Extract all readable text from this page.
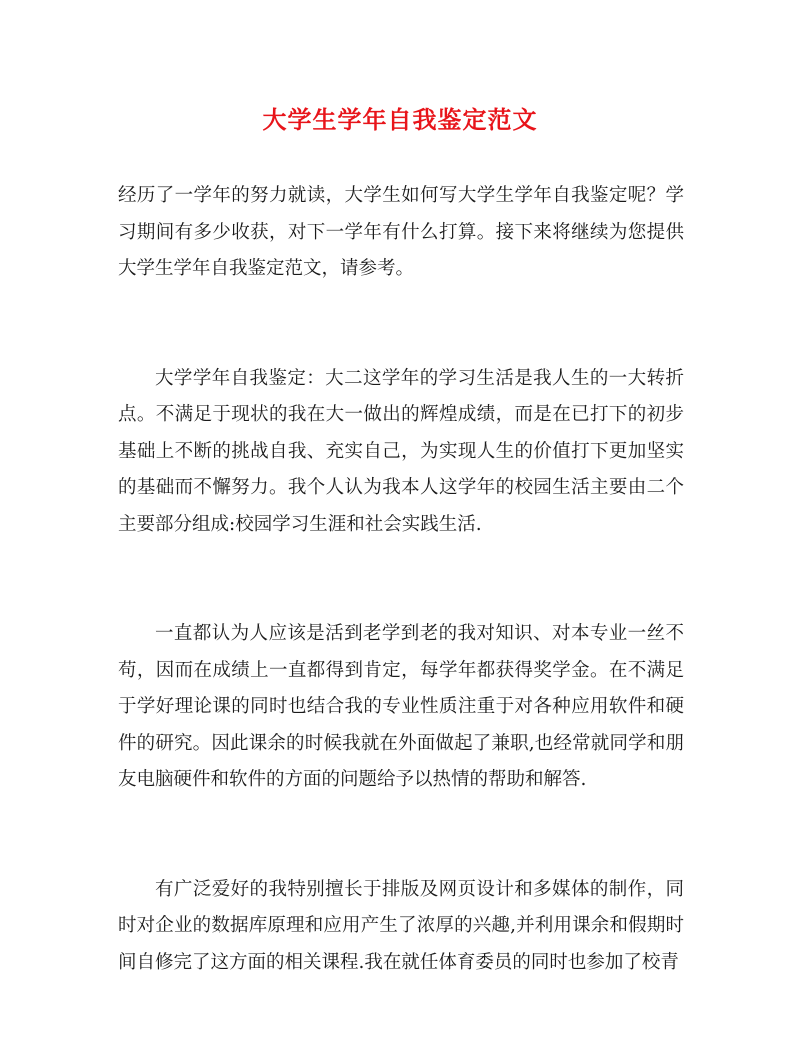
大学生学年自我鉴定范文

经历了一学年的努力就读，大学生如何写大学生学年自我鉴定呢？学习期间有多少收获，对下一学年有什么打算。接下来将继续为您提供大学生学年自我鉴定范文，请参考。

大学学年自我鉴定：大二这学年的学习生活是我人生的一大转折点。不满足于现状的我在大一做出的辉煌成绩，而是在已打下的初步基础上不断的挑战自我、充实自己，为实现人生的价值打下更加坚实的基础而不懈努力。我个人认为我本人这学年的校园生活主要由二个主要部分组成:校园学习生涯和社会实践生活.

一直都认为人应该是活到老学到老的我对知识、对本专业一丝不苟，因而在成绩上一直都得到肯定，每学年都获得奖学金。在不满足于学好理论课的同时也结合我的专业性质注重于对各种应用软件和硬件的研究。因此课余的时候我就在外面做起了兼职,也经常就同学和朋友电脑硬件和软件的方面的问题给予以热情的帮助和解答.

有广泛爱好的我特别擅长于排版及网页设计和多媒体的制作，同时对企业的数据库原理和应用产生了浓厚的兴趣,并利用课余和假期时间自修完了这方面的相关课程.我在就任体育委员的同时也参加了校青
